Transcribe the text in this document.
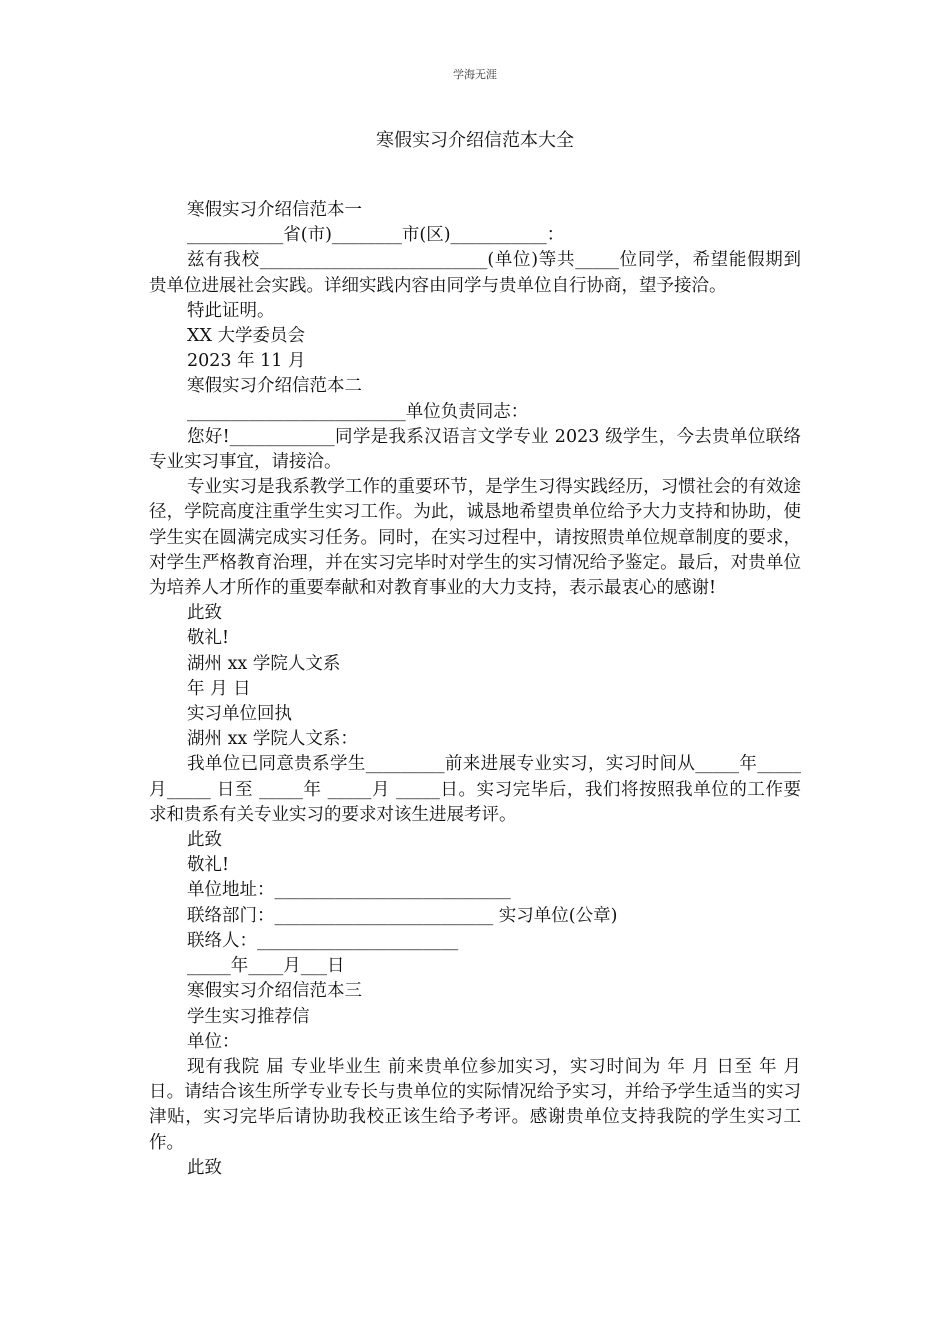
学海无涯
寒假实习介绍信范本大全

寒假实习介绍信范本一

___________省(市)________市(区)___________：

兹有我校__________________________(单位)等共_____位同学，希望能假期到贵单位进展社会实践。详细实践内容由同学与贵单位自行协商，望予接洽。

特此证明。

XX 大学委员会

2023 年 11 月

寒假实习介绍信范本二

_________________________单位负责同志：

您好!____________同学是我系汉语言文学专业 2023 级学生，今去贵单位联络专业实习事宜，请接洽。

专业实习是我系教学工作的重要环节，是学生习得实践经历，习惯社会的有效途径，学院高度注重学生实习工作。为此，诚恳地希望贵单位给予大力支持和协助，使学生实在圆满完成实习任务。同时，在实习过程中，请按照贵单位规章制度的要求，对学生严格教育治理，并在实习完毕时对学生的实习情况给予鉴定。最后，对贵单位为培养人才所作的重要奉献和对教育事业的大力支持，表示最衷心的感谢!

此致

敬礼!

湖州 xx 学院人文系

年 月 日

实习单位回执

湖州 xx 学院人文系：

我单位已同意贵系学生_________前来进展专业实习，实习时间从_____年_____ 月_____ 日至 _____年 _____月 _____日。实习完毕后，我们将按照我单位的工作要求和贵系有关专业实习的要求对该生进展考评。

此致

敬礼!

单位地址：___________________________

联络部门：_________________________ 实习单位(公章)

联络人：_______________________

_____年____月___日

寒假实习介绍信范本三

学生实习推荐信

单位：

现有我院 届 专业毕业生 前来贵单位参加实习，实习时间为 年 月 日至 年 月 日。请结合该生所学专业专长与贵单位的实际情况给予实习，并给予学生适当的实习津贴，实习完毕后请协助我校正该生给予考评。感谢贵单位支持我院的学生实习工作。

此致
